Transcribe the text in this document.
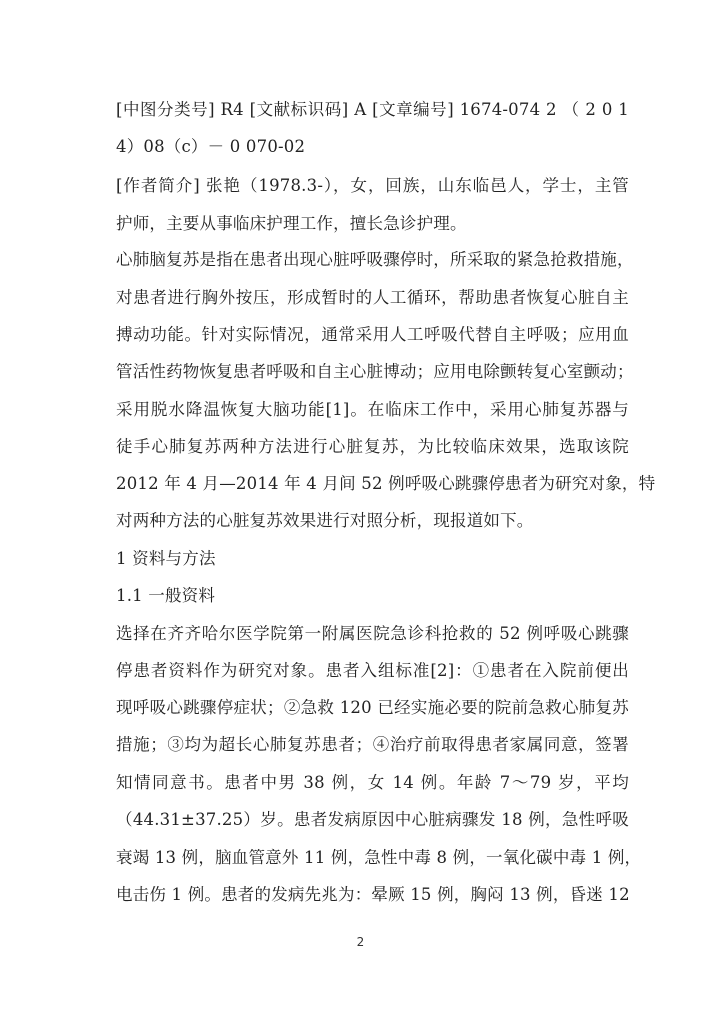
[中图分类号] R4 [文献标识码] A [文章编号] 1674-074 2 （ 2 0 1
4）08（c）－ 0 070-02
[作者简介] 张艳（1978.3-），女，回族，山东临邑人，学士，主管
护师，主要从事临床护理工作，擅长急诊护理。
心肺脑复苏是指在患者出现心脏呼吸骤停时，所采取的紧急抢救措施，
对患者进行胸外按压，形成暂时的人工循环，帮助患者恢复心脏自主
搏动功能。针对实际情况，通常采用人工呼吸代替自主呼吸；应用血
管活性药物恢复患者呼吸和自主心脏博动；应用电除颤转复心室颤动；
采用脱水降温恢复大脑功能[1]。在临床工作中，采用心肺复苏器与
徒手心肺复苏两种方法进行心脏复苏，为比较临床效果，选取该院
2012 年 4 月—2014 年 4 月间 52 例呼吸心跳骤停患者为研究对象，特
对两种方法的心脏复苏效果进行对照分析，现报道如下。
1 资料与方法
1.1 一般资料
选择在齐齐哈尔医学院第一附属医院急诊科抢救的 52 例呼吸心跳骤
停患者资料作为研究对象。患者入组标准[2]：①患者在入院前便出
现呼吸心跳骤停症状；②急救 120 已经实施必要的院前急救心肺复苏
措施；③均为超长心肺复苏患者；④治疗前取得患者家属同意，签署
知情同意书。患者中男 38 例，女 14 例。年龄 7～79 岁，平均
（44.31±37.25）岁。患者发病原因中心脏病骤发 18 例，急性呼吸
衰竭 13 例，脑血管意外 11 例，急性中毒 8 例，一氧化碳中毒 1 例，
电击伤 1 例。患者的发病先兆为：晕厥 15 例，胸闷 13 例，昏迷 12
2
